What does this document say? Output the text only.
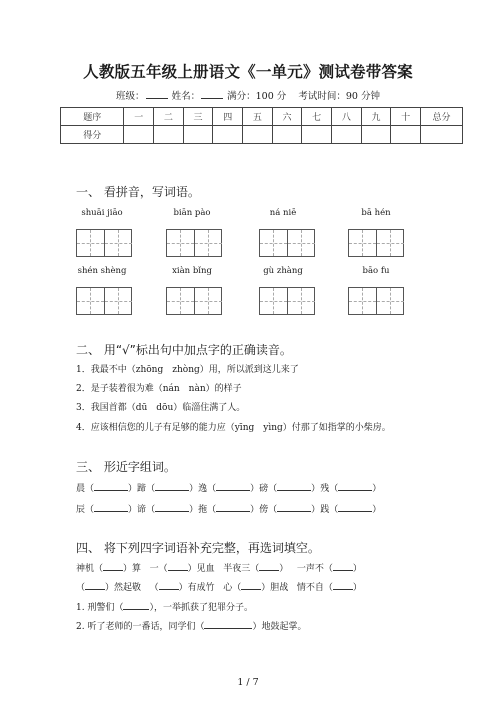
人教版五年级上册语文《一单元》测试卷带答案
班级：	姓名：	满分：100 分 考试时间：90 分钟
题序	一	二	三	四	五	六	七	八	九	十	总分
得分											
一、 看拼音，写词语。
shuāi jiāo	biān pào	ná niē	bā hén
shén shèng	xiàn bǐng	gù zhàng	bāo fu
二、 用“√”标出句中加点字的正确读音。
1．我最不中（zhōng　zhòng）用，所以派到这儿来了
2．是子装着很为难（nán　nàn）的样子
3．我国首都（dū　dōu）临淄住满了人。
4．应该相信您的儿子有足够的能力应（yīng　yìng）付那了如指掌的小柴房。
三、 形近字组词。
晨（	）蹄（	）逸（	）磅（	）残（	）
辰（	）谛（	）拖（	）傍（	）践（	）
四、 将下列四字词语补充完整，再选词填空。
神机（ ）算 一（ ）见血 半夜三（ ） 一声不（ ）
（ ）然起敬 （ ）有成竹 心（ ）胆战 情不自（ ）
1. 刑警们（	），一举抓获了犯罪分子。
2. 听了老师的一番话，同学们（	）地鼓起掌。
1 / 7
